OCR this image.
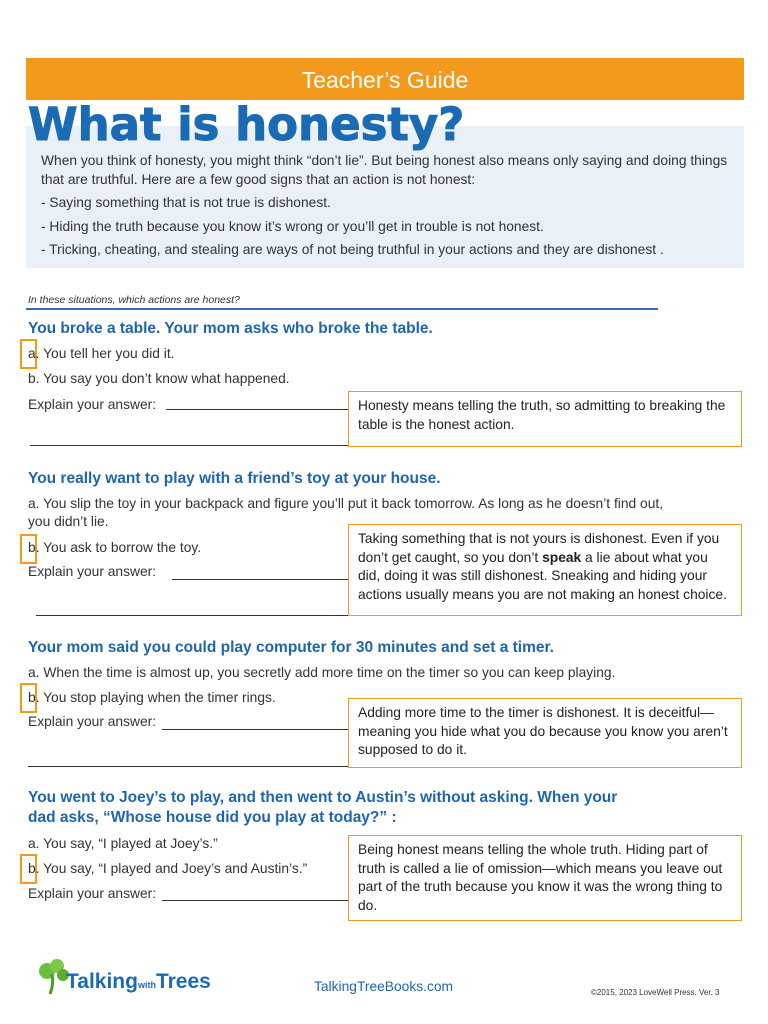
Teacher’s Guide

When you think of honesty, you might think “don’t lie”. But being honest also means only saying and doing things that are truthful. Here are a few good signs that an action is not honest:

- Saying something that is not true is dishonest.

- Hiding the truth because you know it’s wrong or you’ll get in trouble is not honest.

- Tricking, cheating, and stealing are ways of not being truthful in your actions and they are dishonest .

What is honesty?
In these situations, which actions are honest?
You broke a table. Your mom asks who broke the table.
a. You tell her you did it.
b. You say you don’t know what happened.
Explain your answer:	Honesty means telling the truth, so admitting to breaking the table is the honest action.
You really want to play with a friend’s toy at your house.
a. You slip the toy in your backpack and figure you’ll put it back tomorrow. As long as he doesn’t find out, you didn’t lie.
b. You ask to borrow the toy.
Explain your answer:
Taking something that is not yours is dishonest. Even if you don’t get caught, so you don’t speak a lie about what you did, doing it was still dishonest. Sneaking and hiding your actions usually means you are not making an honest choice.
Your mom said you could play computer for 30 minutes and set a timer.
a. When the time is almost up, you secretly add more time on the timer so you can keep playing.
b. You stop playing when the timer rings.
Explain your answer:
Adding more time to the timer is dishonest. It is deceitful—meaning you hide what you do because you know you aren’t supposed to do it.
You went to Joey’s to play, and then went to Austin’s without asking. When your
dad asks, “Whose house did you play at today?” :
a. You say, “I played at Joey’s.”
b. You say, “I played and Joey’s and Austin’s.”
Explain your answer:
Being honest means telling the whole truth. Hiding part of truth is called a lie of omission—which means you leave out part of the truth because you know it was the wrong thing to do.
TalkingwithTrees	TalkingTreeBooks.com	©2015, 2023 LoveWell Press. Ver. 3
